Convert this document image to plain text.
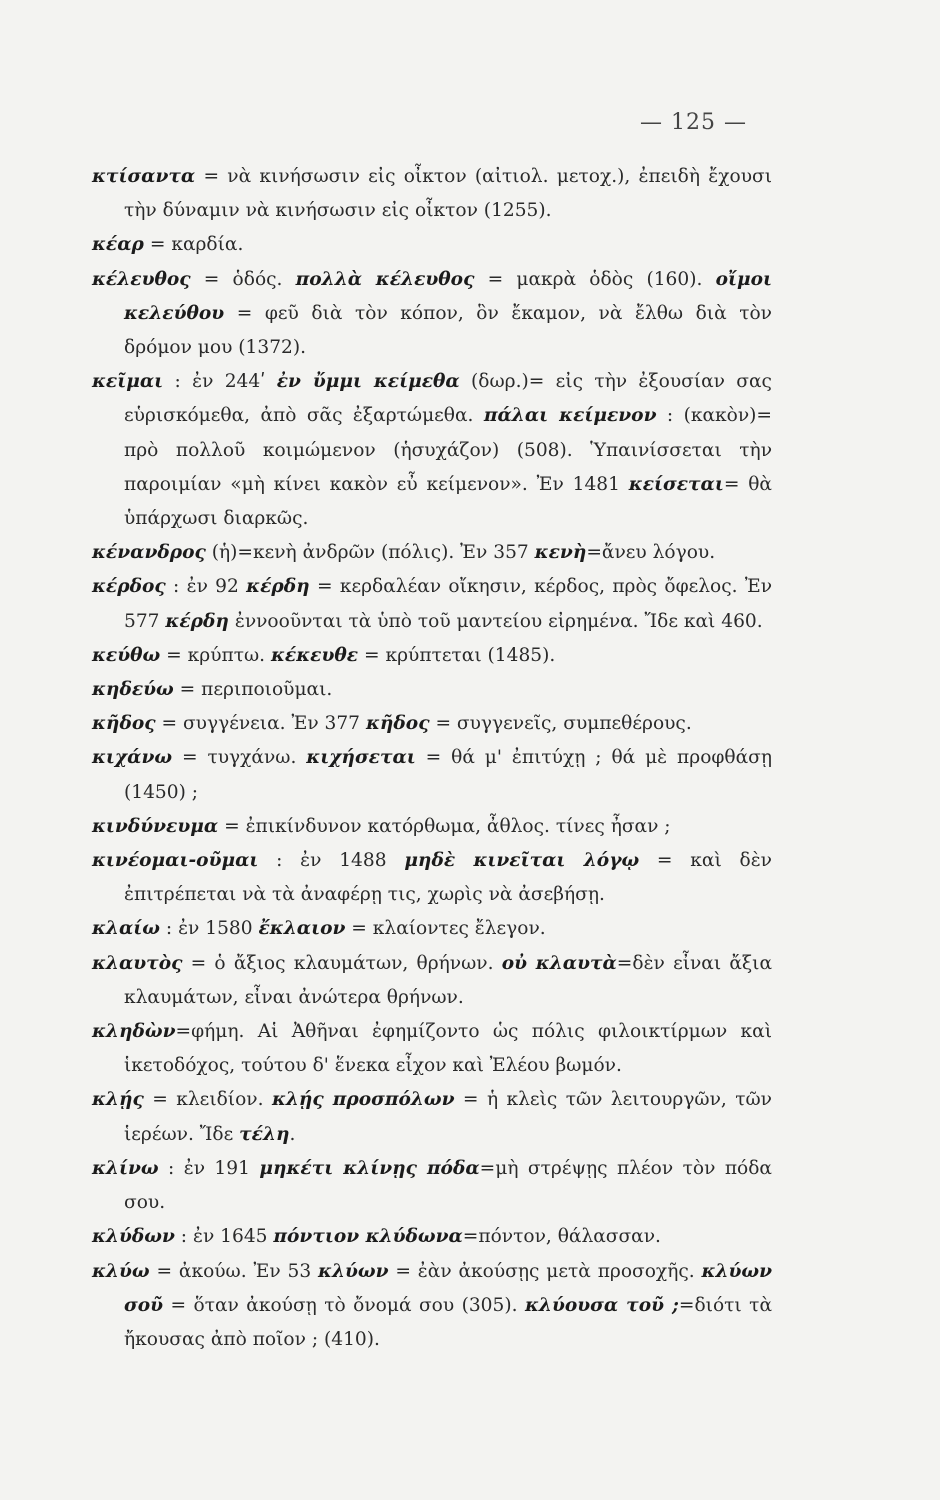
— 125 —

κτίσαντα = νὰ κινήσωσιν εἰς οἶκτον (αἰτιολ. μετοχ.), ἐπειδὴ ἔχουσι τὴν δύναμιν νὰ κινήσωσιν εἰς οἶκτον (1255).

κέαρ = καρδία.

κέλευθος = ὁδός. πολλὰ κέλευθος = μακρὰ ὁδὸς (160). οἴμοι κελεύθου = φεῦ διὰ τὸν κόπον, ὃν ἔκαμον, νὰ ἔλθω διὰ τὸν δρόμον μου (1372).

κεῖμαι : ἐν 244ʹ ἐν ὔμμι κείμεθα (δωρ.)= εἰς τὴν ἐξουσίαν σας εὑρισκόμεθα, ἀπὸ σᾶς ἐξαρτώμεθα. πάλαι κείμενον : (κακὸν)= πρὸ πολλοῦ κοιμώμενον (ἡσυχάζον) (508). Ὑπαινίσσεται τὴν παροιμίαν «μὴ κίνει κακὸν εὖ κείμενον». Ἐν 1481 κείσεται= θὰ ὑπάρχωσι διαρκῶς.

κένανδρος (ἡ)=κενὴ ἀνδρῶν (πόλις). Ἐν 357 κενὴ=ἄνευ λόγου.

κέρδος : ἐν 92 κέρδη = κερδαλέαν οἴκησιν, κέρδος, πρὸς ὄφελος. Ἐν 577 κέρδη ἐννοοῦνται τὰ ὑπὸ τοῦ μαντείου εἰρημένα. Ἴδε καὶ 460.

κεύθω = κρύπτω. κέκευθε = κρύπτεται (1485).

κηδεύω = περιποιοῦμαι.

κῆδος = συγγένεια. Ἐν 377 κῆδος = συγγενεῖς, συμπεθέρους.

κιχάνω = τυγχάνω. κιχήσεται = θά μ' ἐπιτύχῃ ; θά μὲ προφθάσῃ (1450) ;

κινδύνευμα = ἐπικίνδυνον κατόρθωμα, ἆθλος. τίνες ἦσαν ;

κινέομαι-οῦμαι : ἐν 1488 μηδὲ κινεῖται λόγῳ = καὶ δὲν ἐπιτρέπεται νὰ τὰ ἀναφέρῃ τις, χωρὶς νὰ ἀσεβήσῃ.

κλαίω : ἐν 1580 ἔκλαιον = κλαίοντες ἔλεγον.

κλαυτὸς = ὁ ἄξιος κλαυμάτων, θρήνων. οὐ κλαυτὰ=δὲν εἶναι ἄξια κλαυμάτων, εἶναι ἀνώτερα θρήνων.

κληδὼν=φήμη. Αἱ Ἀθῆναι ἐφημίζοντο ὡς πόλις φιλοικτίρμων καὶ ἱκετοδόχος, τούτου δ' ἕνεκα εἶχον καὶ Ἐλέου βωμόν.

κλῄς = κλειδίον. κλῄς προσπόλων = ἡ κλεὶς τῶν λειτουργῶν, τῶν ἱερέων. Ἴδε τέλη.

κλίνω : ἐν 191 μηκέτι κλίνῃς πόδα=μὴ στρέψῃς πλέον τὸν πόδα σου.

κλύδων : ἐν 1645 πόντιον κλύδωνα=πόντον, θάλασσαν.

κλύω = ἀκούω. Ἐν 53 κλύων = ἐὰν ἀκούσῃς μετὰ προσοχῆς. κλύων σοῦ = ὅταν ἀκούσῃ τὸ ὄνομά σου (305). κλύουσα τοῦ ;=διότι τὰ ἤκουσας ἀπὸ ποῖον ; (410).
